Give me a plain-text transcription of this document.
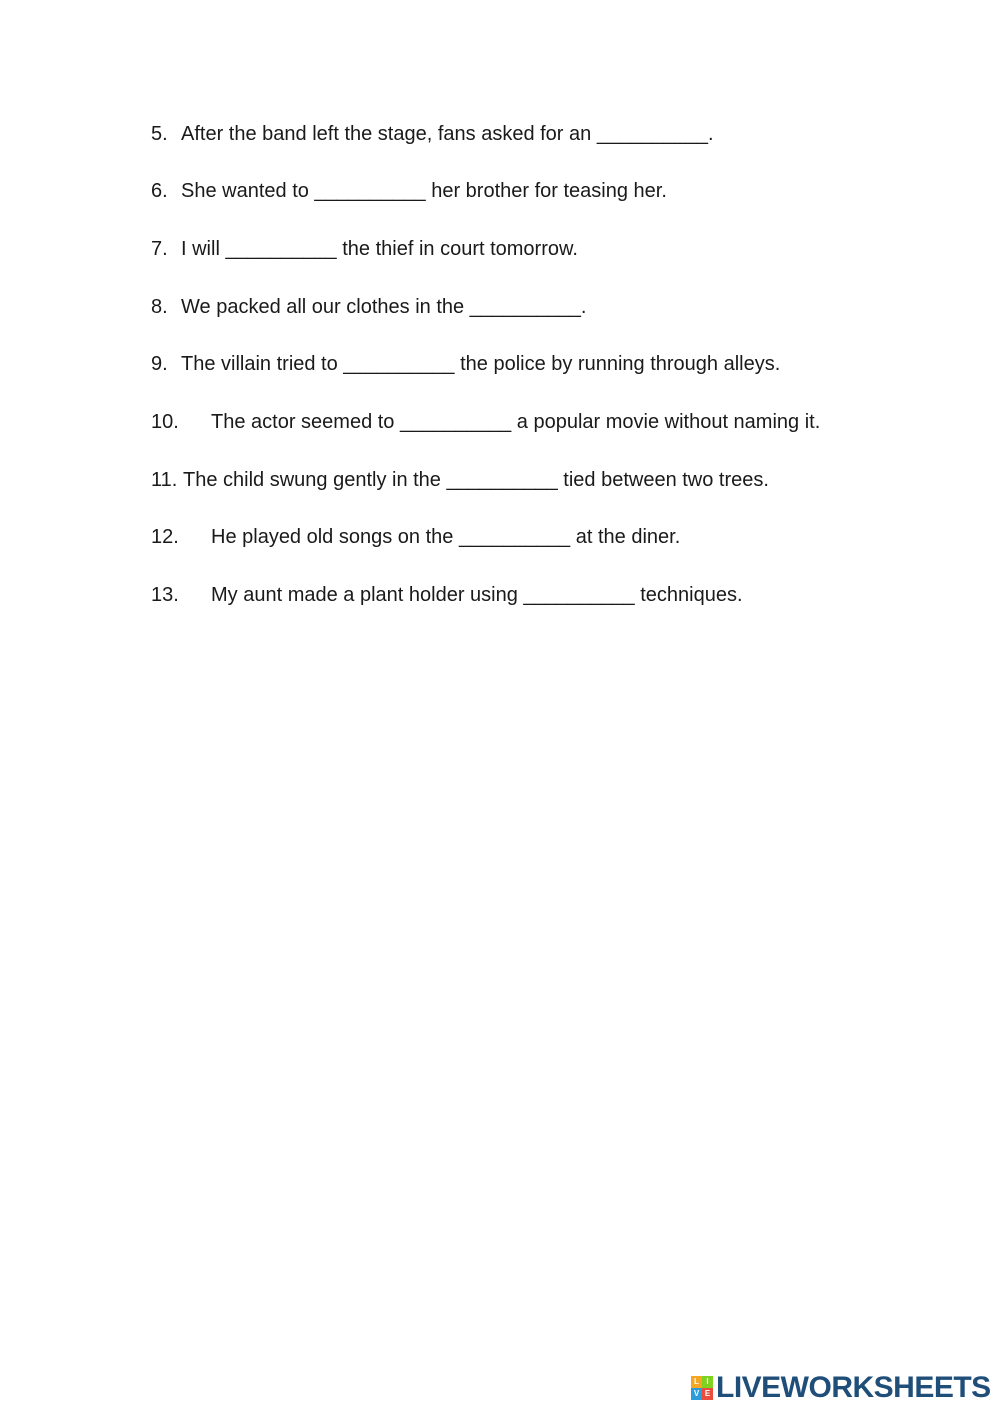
5. After the band left the stage, fans asked for an __________.
6. She wanted to __________ her brother for teasing her.
7. I will __________ the thief in court tomorrow.
8. We packed all our clothes in the __________.
9. The villain tried to __________ the police by running through alleys.
10. The actor seemed to __________ a popular movie without naming it.
11. The child swung gently in the __________ tied between two trees.
12. He played old songs on the __________ at the diner.
13. My aunt made a plant holder using __________ techniques.
L I
V E LIVEWORKSHEETS
